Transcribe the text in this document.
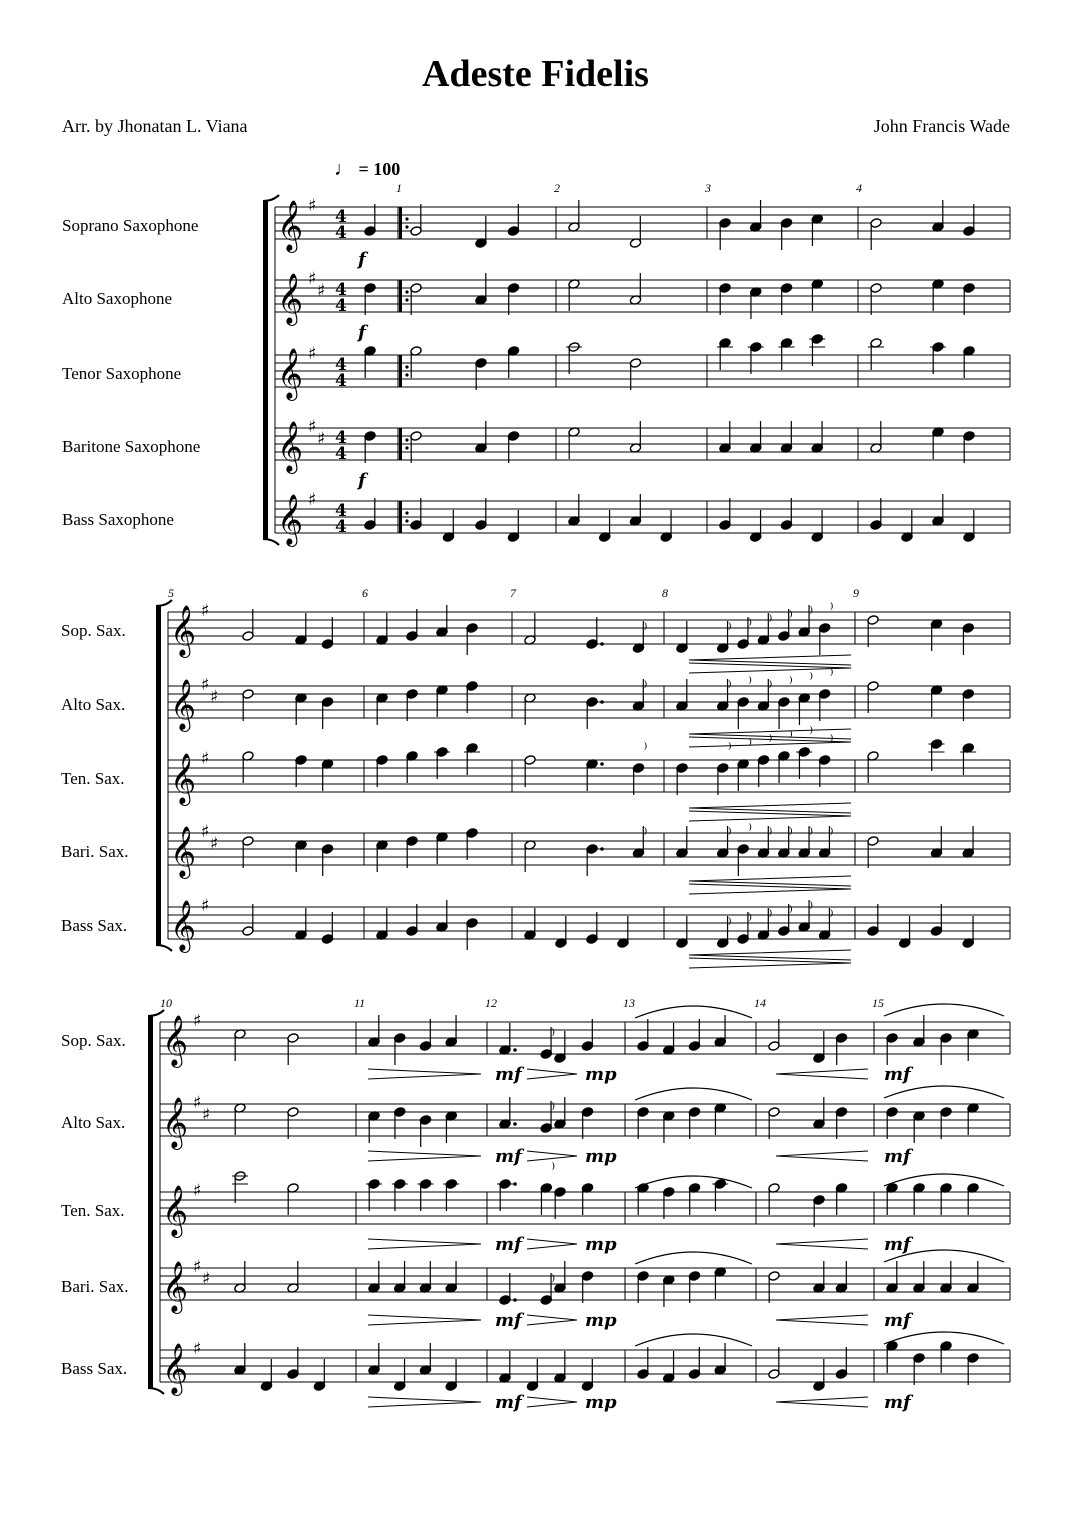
Adeste Fidelis
Arr. by Jhonatan L. Viana	John Francis Wade
♩ = 100
Soprano Saxophone
Alto Saxophone
Tenor Saxophone
Baritone Saxophone
Bass Saxophone
Sop. Sax.
Alto Sax.
Ten. Sax.
Bari. Sax.
Bass Sax.
Sop. Sax.
Alto Sax.
Ten. Sax.
Bari. Sax.
Bass Sax.
1	2	3	4
5	6	7	8	9
10	11	12	13	14	15
𝄞 ♯
𝄞 ♯
♯
𝄞 ♯
𝄞 ♯
♯
𝄞 ♯
4
4
4
4
4
4
4
4
4
4
f
f
f
𝄞 ♯
𝄞 ♯
♯
𝄞 ♯
𝄞 ♯
♯
𝄞 ♯
⁾
⁾
⁾
⁾
⁾ ⁾ ⁾ ⁾ ⁾ ⁾
⁾ ⁾ ⁾ ⁾ ⁾ ⁾
⁾ ⁾ ⁾ ⁾ ⁾ ⁾
⁾ ⁾ ⁾ ⁾ ⁾ ⁾
⁾ ⁾ ⁾ ⁾ ⁾ ⁾
𝄞 ♯
𝄞 ♯
♯
𝄞 ♯
𝄞 ♯
♯
𝄞 ♯
⁾
⁾
⁾
⁾
mf	mp	mf
mf	mp	mf
mf	mp	mf
mf	mp	mf
mf	mp	mf
